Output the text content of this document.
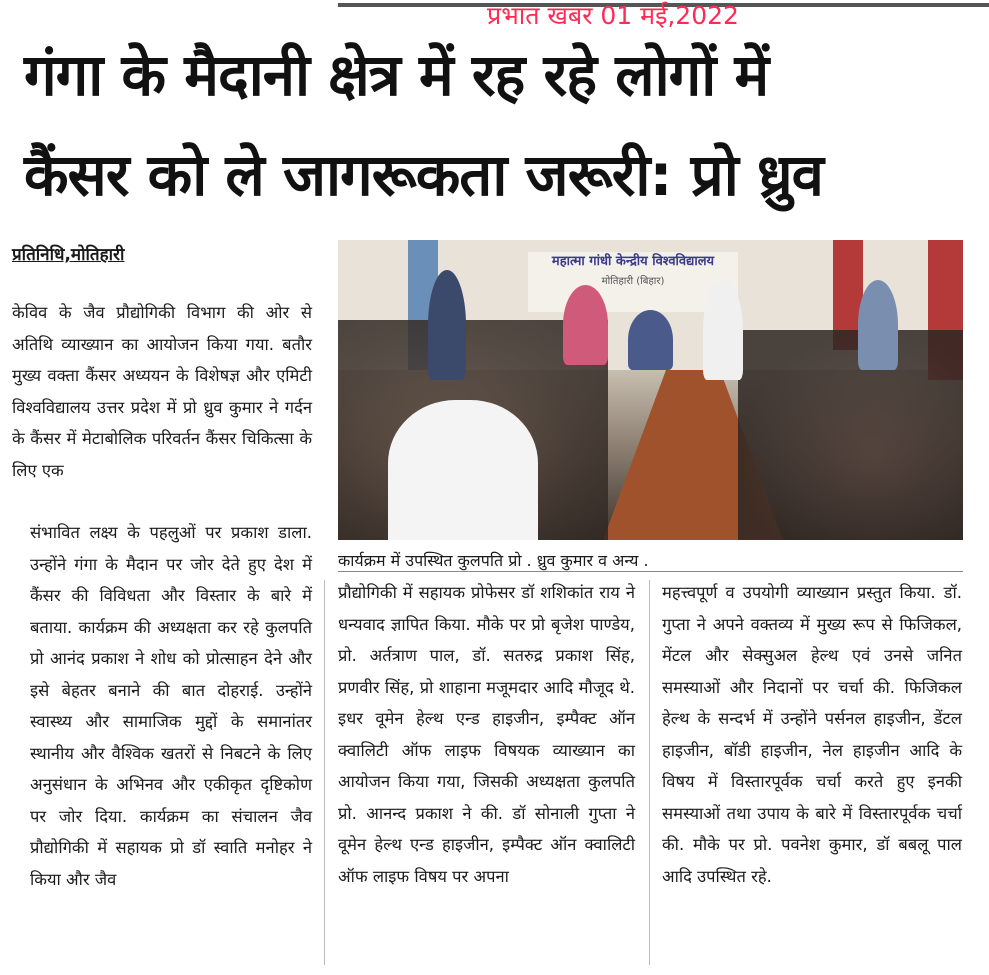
प्रभात खबर 01 मई,2022
गंगा के मैदानी क्षेत्र में रह रहे लोगों में
कैंसर को ले जागरूकता जरूरी: प्रो ध्रुव
प्रतिनिधि,मोतिहारी

केविव के जैव प्रौद्योगिकी विभाग की ओर से अतिथि व्याख्यान का आयोजन किया गया. बतौर मुख्य वक्ता कैंसर अध्ययन के विशेषज्ञ और एमिटी विश्वविद्यालय उत्तर प्रदेश में प्रो ध्रुव कुमार ने गर्दन के कैंसर में मेटाबोलिक परिवर्तन कैंसर चिकित्सा के लिए एक

महात्मा गांधी केन्द्रीय विश्वविद्यालय
मोतिहारी (बिहार)
कार्यक्रम में उपस्थित कुलपति प्रो . ध्रुव कुमार व अन्य .

संभावित लक्ष्य के पहलुओं पर प्रकाश डाला. उन्होंने गंगा के मैदान पर जोर देते हुए देश में कैंसर की विविधता और विस्तार के बारे में बताया. कार्यक्रम की अध्यक्षता कर रहे कुलपति प्रो आनंद प्रकाश ने शोध को प्रोत्साहन देने और इसे बेहतर बनाने की बात दोहराई. उन्होंने स्वास्थ्य और सामाजिक मुद्दों के समानांतर स्थानीय और वैश्विक खतरों से निबटने के लिए अनुसंधान के अभिनव और एकीकृत दृष्टिकोण पर जोर दिया. कार्यक्रम का संचालन जैव प्रौद्योगिकी में सहायक प्रो डॉ स्वाति मनोहर ने किया और जैव

प्रौद्योगिकी में सहायक प्रोफेसर डॉ शशिकांत राय ने धन्यवाद ज्ञापित किया. मौके पर प्रो बृजेश पाण्डेय, प्रो. अर्तत्राण पाल, डॉ. सतरुद्र प्रकाश सिंह, प्रणवीर सिंह, प्रो शाहाना मजूमदार आदि मौजूद थे. इधर वूमेन हेल्थ एन्ड हाइजीन, इम्पैक्ट ऑन क्वालिटी ऑफ लाइफ विषयक व्याख्यान का आयोजन किया गया, जिसकी अध्यक्षता कुलपति प्रो. आनन्द प्रकाश ने की. डॉ सोनाली गुप्ता ने वूमेन हेल्थ एन्ड हाइजीन, इम्पैक्ट ऑन क्वालिटी ऑफ लाइफ विषय पर अपना

महत्त्वपूर्ण व उपयोगी व्याख्यान प्रस्तुत किया. डॉ. गुप्ता ने अपने वक्तव्य में मुख्य रूप से फिजिकल, मेंटल और सेक्सुअल हेल्थ एवं उनसे जनित समस्याओं और निदानों पर चर्चा की. फिजिकल हेल्थ के सन्दर्भ में उन्होंने पर्सनल हाइजीन, डेंटल हाइजीन, बॉडी हाइजीन, नेल हाइजीन आदि के विषय में विस्तारपूर्वक चर्चा करते हुए इनकी समस्याओं तथा उपाय के बारे में विस्तारपूर्वक चर्चा की. मौके पर प्रो. पवनेश कुमार, डॉ बबलू पाल आदि उपस्थित रहे.
